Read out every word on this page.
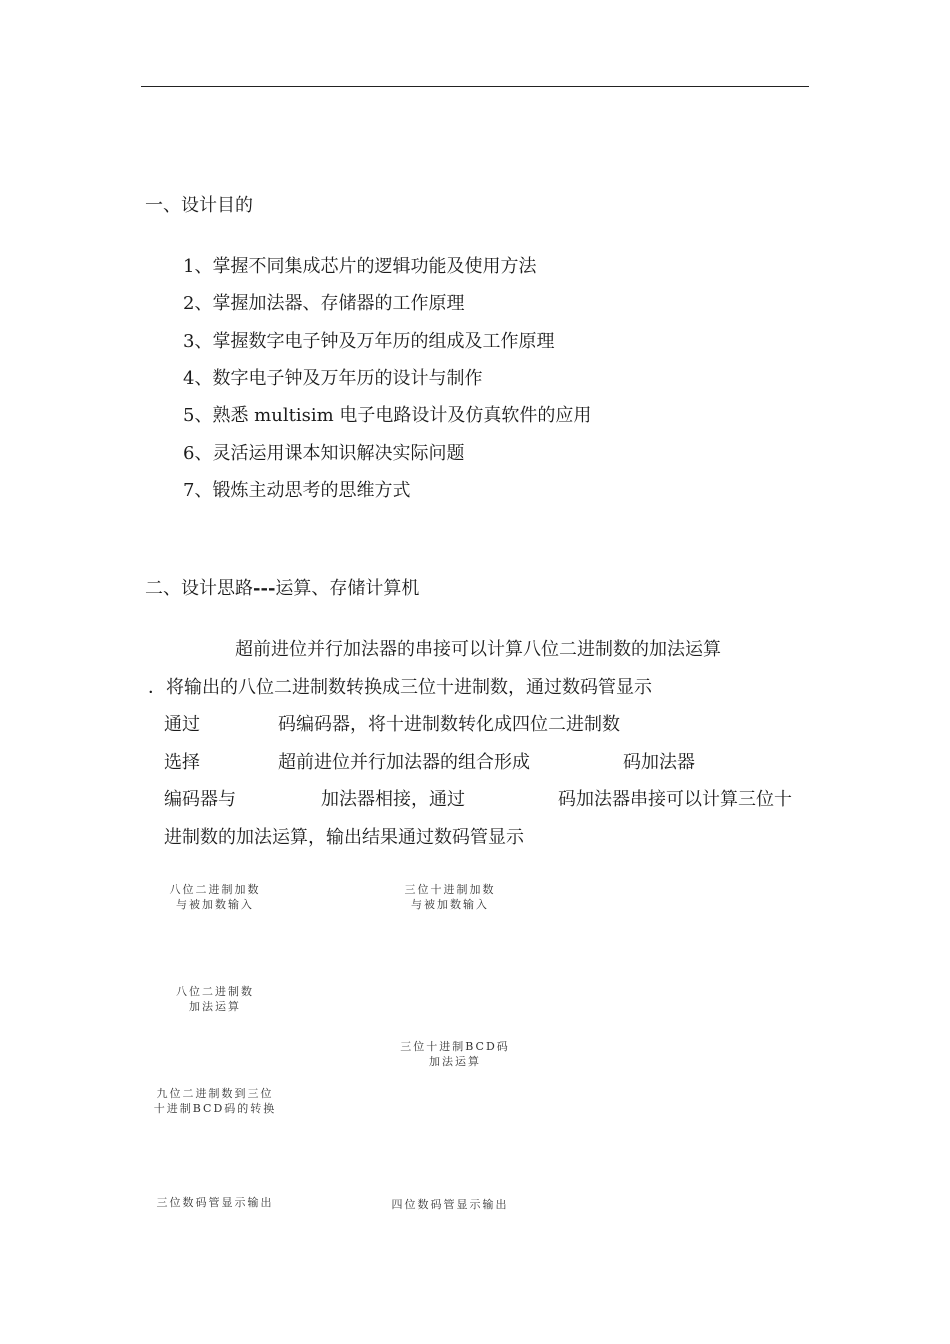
一、设计目的
1、掌握不同集成芯片的逻辑功能及使用方法
2、掌握加法器、存储器的工作原理
3、掌握数字电子钟及万年历的组成及工作原理
4、数字电子钟及万年历的设计与制作
5、熟悉 multisim 电子电路设计及仿真软件的应用
6、灵活运用课本知识解决实际问题
7、锻炼主动思考的思维方式
二、设计思路---运算、存储计算机
超前进位并行加法器的串接可以计算八位二进制数的加法运算
．将输出的八位二进制数转换成三位十进制数，通过数码管显示
通过	码编码器，将十进制数转化成四位二进制数
选择	超前进位并行加法器的组合形成	码加法器
编码器与	加法器相接，通过	码加法器串接可以计算三位十
进制数的加法运算，输出结果通过数码管显示
八位二进制加数
与被加数输入
三位十进制加数
与被加数输入
八位二进制数
加法运算
三位十进制BCD码
加法运算
九位二进制数到三位
十进制BCD码的转换
三位数码管显示输出	四位数码管显示输出
